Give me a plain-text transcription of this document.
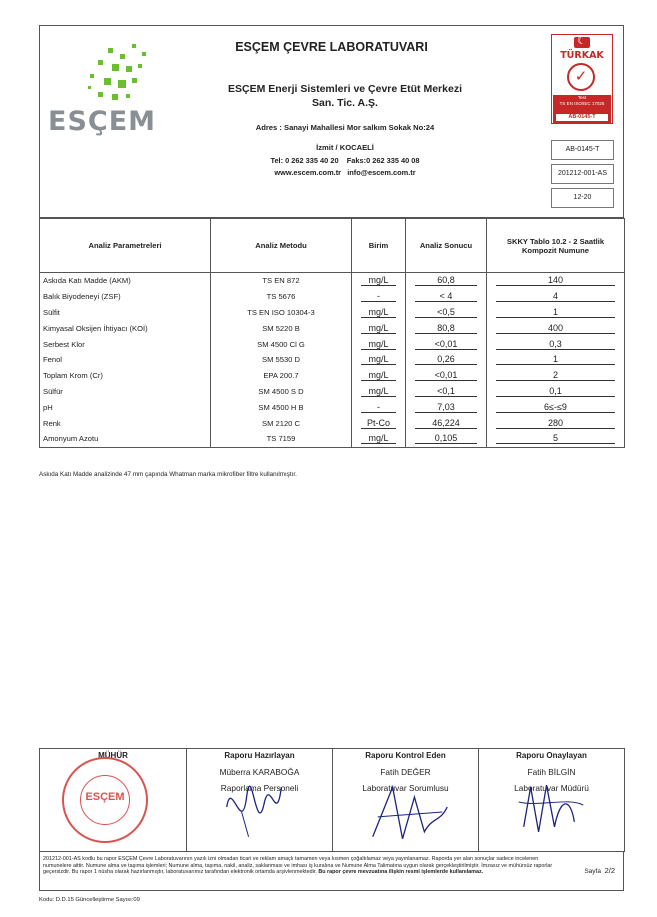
ESÇEM
ESÇEM ÇEVRE LABORATUVARI
ESÇEM Enerji Sistemleri ve Çevre Etüt Merkezi
San. Tic. A.Ş.
Adres : Sanayi Mahallesi Mor salkım Sokak No:24
İzmit / KOCAELİ
Tel: 0 262 335 40 20 Faks:0 262 335 40 08
www.escem.com.tr info@escem.com.tr
☾
TÜRKAK
✓
Test
TS EN ISO/IEC 17025
AB-0145-T
AB-0145-T
201212-001-AS
12-20
Analiz Parametreleri	Analiz Metodu	Birim	Analiz Sonucu	SKKY Tablo 10.2 - 2 Saatlik Kompozit Numune
Askıda Katı Madde (AKM)	TS EN 872	mg/L	60,8	140

Balık Biyodeneyi (ZSF)	TS 5676	-	< 4	4

Sülfit	TS EN ISO 10304-3	mg/L	<0,5	1

Kimyasal Oksijen İhtiyacı (KOİ)	SM 5220 B	mg/L	80,8	400

Serbest Klor	SM 4500 Cl G	mg/L	<0,01	0,3

Fenol	SM 5530 D	mg/L	0,26	1

Toplam Krom (Cr)	EPA 200.7	mg/L	<0,01	2

Sülfür	SM 4500 S D	mg/L	<0,1	0,1

pH	SM 4500 H B	-	7,03	6≤-≤9

Renk	SM 2120 C	Pt-Co	46,224	280

Amonyum Azotu	TS 7159	mg/L	0,105	5
Askıda Katı Madde analizinde 47 mm çapında Whatman marka mikrofiber filtre kullanılmıştır.
MÜHÜR
ESÇEM

Raporu Hazırlayan
Müberra KARABOĞA
Raporlama Personeli

Raporu Kontrol Eden
Fatih DEĞER
Laboratuvar Sorumlusu

Raporu Onaylayan
Fatih BİLGİN
Laboratuvar Müdürü
201212-001-AS kodlu bu rapor ESÇEM Çevre Laboratuvarının yazılı izni olmadan ticari ve reklam amaçlı tamamen veya kısmen çoğaltılamaz veya yayınlanamaz. Raporda yer alan sonuçlar sadece incelenen numunelere aittir. Numune alma ve taşıma işlemleri; Numune alma, taşıma, nakil, analiz, saklanması ve imhası iş kuralına ve Numune Alma Talimatına uygun olarak gerçekleştirilmiştir. İmzasız ve mühürsüz raporlar geçersizdir. Bu rapor 1 nüsha olarak hazırlanmıştır, laboratuvarımız tarafından elektronik ortamda arşivlenmektedir. Bu rapor çevre mevzuatına ilişkin resmi işlemlerde kullanılamaz.	Sayfa 2/2
Kodu: D.D.15 Güncelleştirme Sayısı:09
